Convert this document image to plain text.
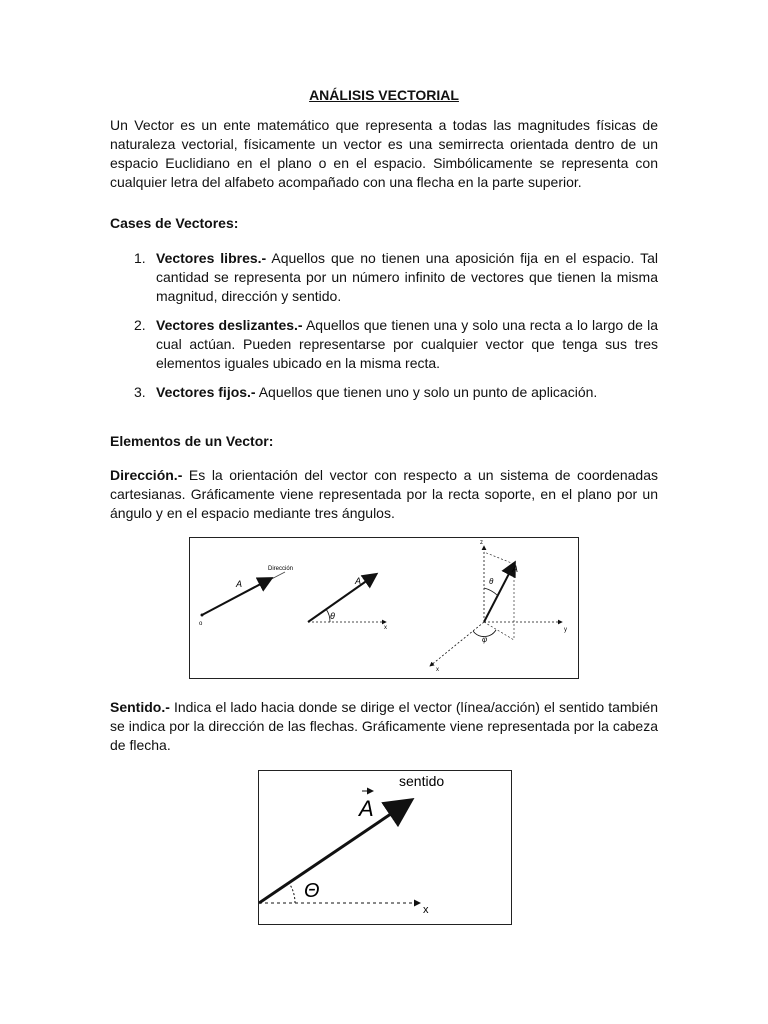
ANÁLISIS VECTORIAL

Un Vector es un ente matemático que representa a todas las magnitudes físicas de naturaleza vectorial, físicamente un vector es una semirrecta orientada dentro de un espacio Euclidiano en el plano o en el espacio. Simbólicamente se representa con cualquier letra del alfabeto acompañado con una flecha en la parte superior.

Cases de Vectores:
1. Vectores libres.- Aquellos que no tienen una aposición fija en el espacio. Tal cantidad se representa por un número infinito de vectores que tienen la misma magnitud, dirección y sentido.
2. Vectores deslizantes.- Aquellos que tienen una y solo una recta a lo largo de la cual actúan. Pueden representarse por cualquier vector que tenga sus tres elementos iguales ubicado en la misma recta.
3. Vectores fijos.- Aquellos que tienen uno y solo un punto de aplicación.
Elementos de un Vector:

Dirección.- Es la orientación del vector con respecto a un sistema de coordenadas cartesianas. Gráficamente viene representada por la recta soporte, en el plano por un ángulo y en el espacio mediante tres ángulos.

Sentido.- Indica el lado hacia donde se dirige el vector (línea/acción) el sentido también se indica por la dirección de las flechas. Gráficamente viene representada por la cabeza de flecha.

Dirección
A
o
θ
A
x
z
y
x
A
θ
φ
sentido
A
Θ
x
